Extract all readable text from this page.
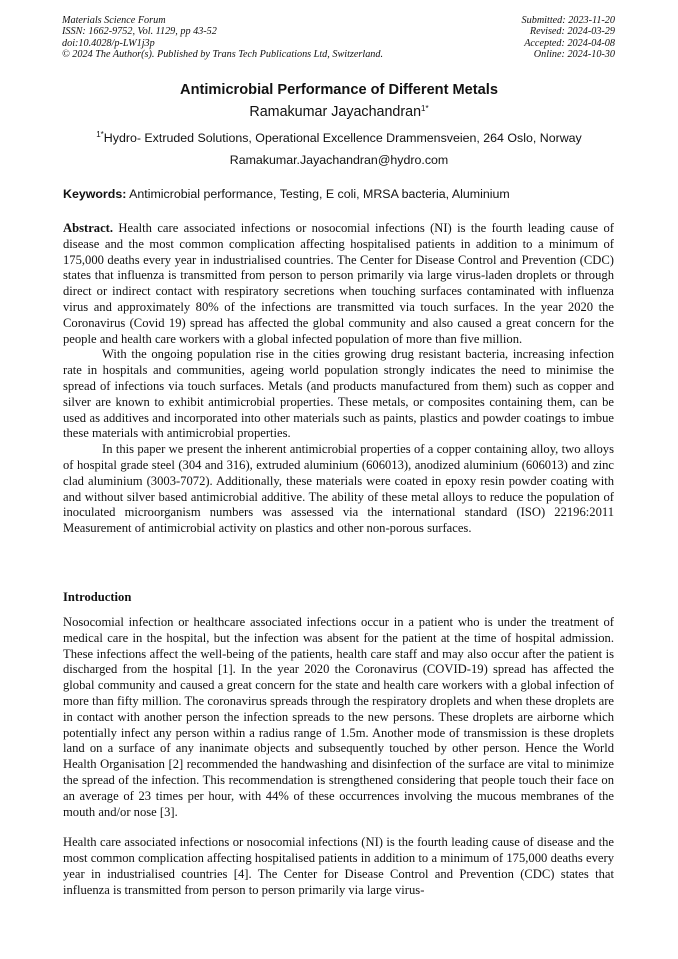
Materials Science Forum
ISSN: 1662-9752, Vol. 1129, pp 43-52
doi:10.4028/p-LW1j3p
© 2024 The Author(s). Published by Trans Tech Publications Ltd, Switzerland.
Submitted: 2023-11-20
Revised: 2024-03-29
Accepted: 2024-04-08
Online: 2024-10-30
Antimicrobial Performance of Different Metals
Ramakumar Jayachandran$^{1*}$
$^{1*}$Hydro- Extruded Solutions, Operational Excellence Drammensveien, 264 Oslo, Norway
Ramakumar.Jayachandran@hydro.com
Keywords: Antimicrobial performance, Testing, E coli, MRSA bacteria, Aluminium

Abstract. Health care associated infections or nosocomial infections (NI) is the fourth leading cause of disease and the most common complication affecting hospitalised patients in addition to a minimum of 175,000 deaths every year in industrialised countries. The Center for Disease Control and Prevention (CDC) states that influenza is transmitted from person to person primarily via large virus-laden droplets or through direct or indirect contact with respiratory secretions when touching surfaces contaminated with influenza virus and approximately 80% of the infections are transmitted via touch surfaces. In the year 2020 the Coronavirus (Covid 19) spread has affected the global community and also caused a great concern for the people and health care workers with a global infected population of more than five million.

With the ongoing population rise in the cities growing drug resistant bacteria, increasing infection rate in hospitals and communities, ageing world population strongly indicates the need to minimise the spread of infections via touch surfaces. Metals (and products manufactured from them) such as copper and silver are known to exhibit antimicrobial properties. These metals, or composites containing them, can be used as additives and incorporated into other materials such as paints, plastics and powder coatings to imbue these materials with antimicrobial properties.

In this paper we present the inherent antimicrobial properties of a copper containing alloy, two alloys of hospital grade steel (304 and 316), extruded aluminium (606013), anodized aluminium (606013) and zinc clad aluminium (3003-7072). Additionally, these materials were coated in epoxy resin powder coating with and without silver based antimicrobial additive. The ability of these metal alloys to reduce the population of inoculated microorganism numbers was assessed via the international standard (ISO) 22196:2011 Measurement of antimicrobial activity on plastics and other non-porous surfaces.

Introduction

Nosocomial infection or healthcare associated infections occur in a patient who is under the treatment of medical care in the hospital, but the infection was absent for the patient at the time of hospital admission. These infections affect the well-being of the patients, health care staff and may also occur after the patient is discharged from the hospital [1]. In the year 2020 the Coronavirus (COVID-19) spread has affected the global community and caused a great concern for the state and health care workers with a global infection of more than fifty million. The coronavirus spreads through the respiratory droplets and when these droplets are in contact with another person the infection spreads to the new persons. These droplets are airborne which potentially infect any person within a radius range of 1.5m. Another mode of transmission is these droplets land on a surface of any inanimate objects and subsequently touched by other person. Hence the World Health Organisation [2] recommended the handwashing and disinfection of the surface are vital to minimize the spread of the infection. This recommendation is strengthened considering that people touch their face on an average of 23 times per hour, with 44% of these occurrences involving the mucous membranes of the mouth and/or nose [3].

Health care associated infections or nosocomial infections (NI) is the fourth leading cause of disease and the most common complication affecting hospitalised patients in addition to a minimum of 175,000 deaths every year in industrialised countries [4]. The Center for Disease Control and Prevention (CDC) states that influenza is transmitted from person to person primarily via large virus-
